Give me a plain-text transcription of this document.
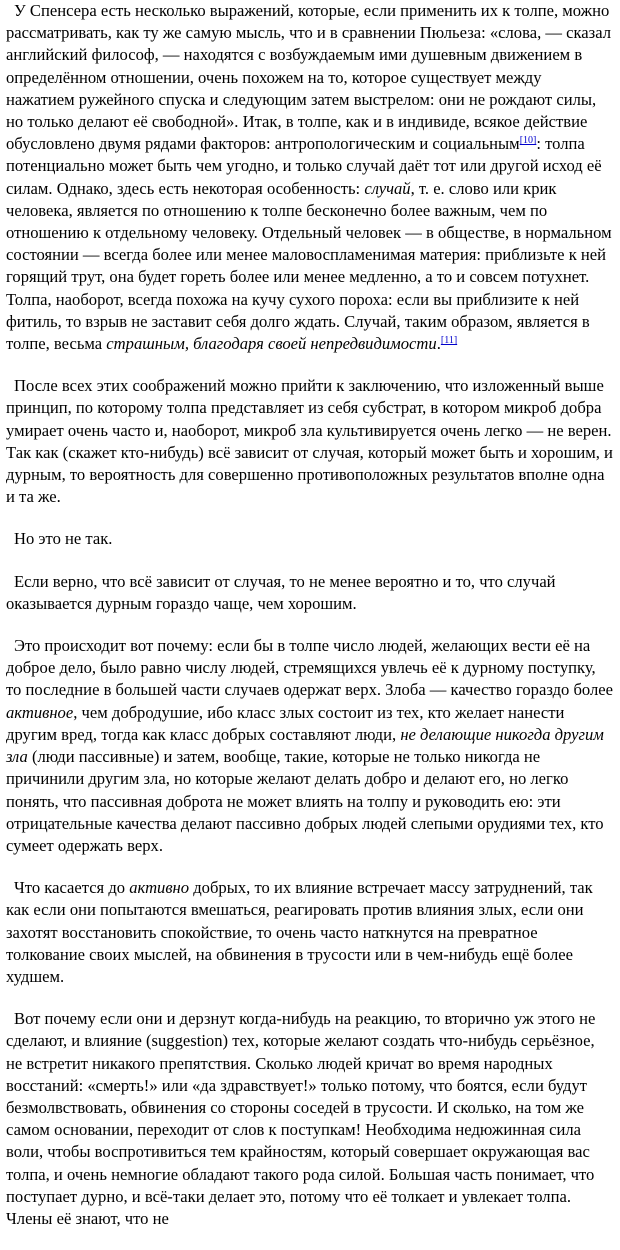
У Спенсера есть несколько выражений, которые, если применить их к толпе, можно рассматривать, как ту же самую мысль, что и в сравнении Пюльеза: «слова, — сказал английский философ, — находятся с возбуждаемым ими душевным движением в определённом отношении, очень похожем на то, которое существует между нажатием ружейного спуска и следующим затем выстрелом: они не рождают силы, но только делают её свободной». Итак, в толпе, как и в индивиде, всякое действие обусловлено двумя рядами факторов: антропологическим и социальным[10]: толпа потенциально может быть чем угодно, и только случай даёт тот или другой исход её силам. Однако, здесь есть некоторая особенность: случай, т. е. слово или крик человека, является по отношению к толпе бесконечно более важным, чем по отношению к отдельному человеку. Отдельный человек — в обществе, в нормальном состоянии — всегда более или менее маловоспламенимая материя: приблизьте к ней горящий трут, она будет гореть более или менее медленно, а то и совсем потухнет. Толпа, наоборот, всегда похожа на кучу сухого пороха: если вы приблизите к ней фитиль, то взрыв не заставит себя долго ждать. Случай, таким образом, является в толпе, весьма страшным, благодаря своей непредвидимости.[11]

После всех этих соображений можно прийти к заключению, что изложенный выше принцип, по которому толпа представляет из себя субстрат, в котором микроб добра умирает очень часто и, наоборот, микроб зла культивируется очень легко — не верен. Так как (скажет кто-нибудь) всё зависит от случая, который может быть и хорошим, и дурным, то вероятность для совершенно противоположных результатов вполне одна и та же.

Но это не так.

Если верно, что всё зависит от случая, то не менее вероятно и то, что случай оказывается дурным гораздо чаще, чем хорошим.

Это происходит вот почему: если бы в толпе число людей, желающих вести её на доброе дело, было равно числу людей, стремящихся увлечь её к дурному поступку, то последние в большей части случаев одержат верх. Злоба — качество гораздо более активное, чем добродушие, ибо класс злых состоит из тех, кто желает нанести другим вред, тогда как класс добрых составляют люди, не делающие никогда другим зла (люди пассивные) и затем, вообще, такие, которые не только никогда не причинили другим зла, но которые желают делать добро и делают его, но легко понять, что пассивная доброта не может влиять на толпу и руководить ею: эти отрицательные качества делают пассивно добрых людей слепыми орудиями тех, кто сумеет одержать верх.

Что касается до активно добрых, то их влияние встречает массу затруднений, так как если они попытаются вмешаться, реагировать против влияния злых, если они захотят восстановить спокойствие, то очень часто наткнутся на превратное толкование своих мыслей, на обвинения в трусости или в чем-нибудь ещё более худшем.

Вот почему если они и дерзнут когда-нибудь на реакцию, то вторично уж этого не сделают, и влияние (suggestion) тех, которые желают создать что-нибудь серьёзное, не встретит никакого препятствия. Сколько людей кричат во время народных восстаний: «смерть!» или «да здравствует!» только потому, что боятся, если будут безмолвствовать, обвинения со стороны соседей в трусости. И сколько, на том же самом основании, переходит от слов к поступкам! Необходима недюжинная сила воли, чтобы воспротивиться тем крайностям, который совершает окружающая вас толпа, и очень немногие обладают такого рода силой. Большая часть понимает, что поступает дурно, и всё-таки делает это, потому что её толкает и увлекает толпа. Члены её знают, что не
